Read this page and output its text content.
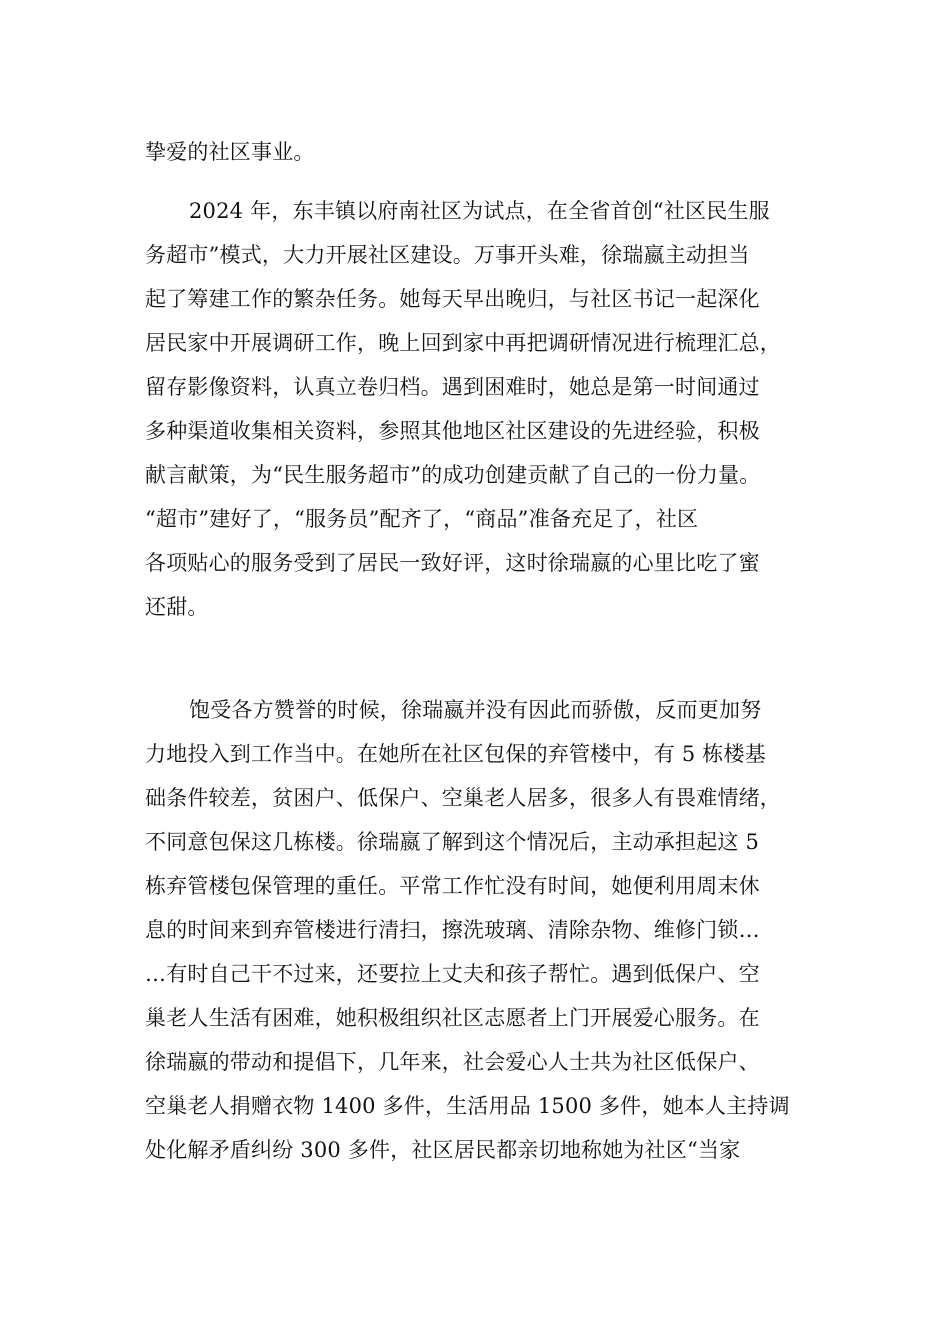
挚爱的社区事业。
2024 年，东丰镇以府南社区为试点，在全省首创“社区民生服
务超市”模式，大力开展社区建设。万事开头难，徐瑞嬴主动担当
起了筹建工作的繁杂任务。她每天早出晚归，与社区书记一起深化
居民家中开展调研工作，晚上回到家中再把调研情况进行梳理汇总，
留存影像资料，认真立卷归档。遇到困难时，她总是第一时间通过
多种渠道收集相关资料，参照其他地区社区建设的先进经验，积极
献言献策，为“民生服务超市”的成功创建贡献了自己的一份力量。
“超市”建好了，“服务员”配齐了，“商品”准备充足了，社区
各项贴心的服务受到了居民一致好评，这时徐瑞嬴的心里比吃了蜜
还甜。
饱受各方赞誉的时候，徐瑞嬴并没有因此而骄傲，反而更加努
力地投入到工作当中。在她所在社区包保的弃管楼中，有 5 栋楼基
础条件较差，贫困户、低保户、空巢老人居多，很多人有畏难情绪，
不同意包保这几栋楼。徐瑞嬴了解到这个情况后，主动承担起这 5
栋弃管楼包保管理的重任。平常工作忙没有时间，她便利用周末休
息的时间来到弃管楼进行清扫，擦洗玻璃、清除杂物、维修门锁…
…有时自己干不过来，还要拉上丈夫和孩子帮忙。遇到低保户、空
巢老人生活有困难，她积极组织社区志愿者上门开展爱心服务。在
徐瑞嬴的带动和提倡下，几年来，社会爱心人士共为社区低保户、
空巢老人捐赠衣物 1400 多件，生活用品 1500 多件，她本人主持调
处化解矛盾纠纷 300 多件，社区居民都亲切地称她为社区“当家
